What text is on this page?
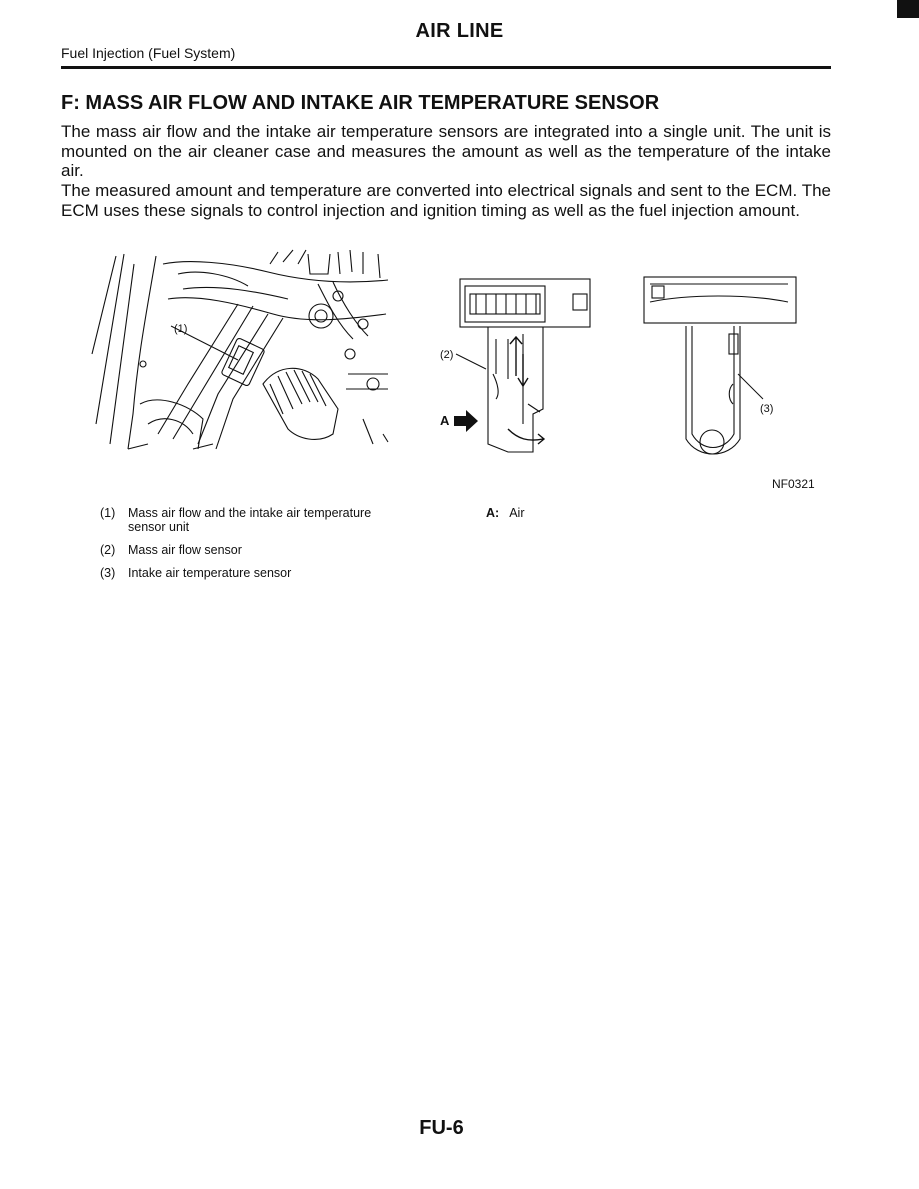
AIR LINE
Fuel Injection (Fuel System)
F: MASS AIR FLOW AND INTAKE AIR TEMPERATURE SENSOR
The mass air flow and the intake air temperature sensors are integrated into a single unit. The unit is mounted on the air cleaner case and measures the amount as well as the temperature of the intake air.
The measured amount and temperature are converted into electrical signals and sent to the ECM. The ECM uses these signals to control injection and ignition timing as well as the fuel injection amount.
(1)
(2)
A
(3)
NF0321
(1)	Mass air flow and the intake air temperature sensor unit
(2)	Mass air flow sensor
(3)	Intake air temperature sensor
A: Air
FU-6
